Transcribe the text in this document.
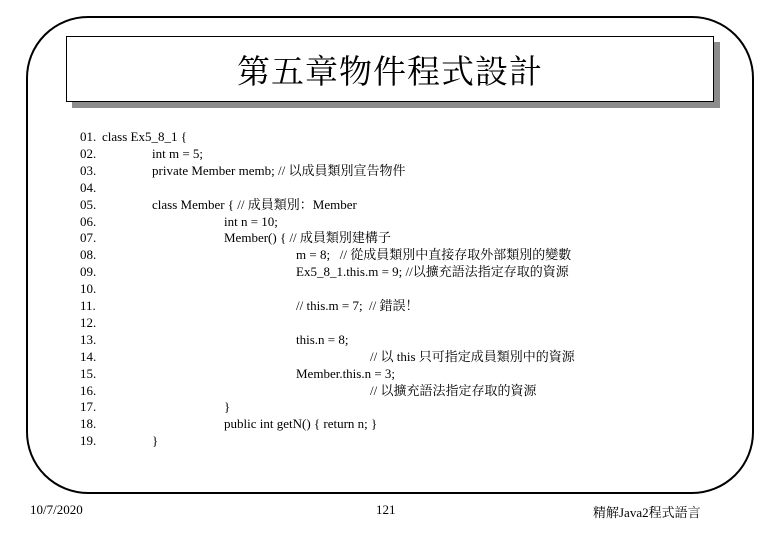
第五章物件程式設計
01. class Ex5_8_1 {
02.	int m = 5;
03.	private Member memb; // 以成員類別宣告物件
04.
05.	class Member { // 成員類別：Member
06.	int n = 10;
07.	Member() { // 成員類別建構子
08.	m = 8;   // 從成員類別中直接存取外部類別的變數
09.	Ex5_8_1.this.m = 9; //以擴充語法指定存取的資源
10.
11.	// this.m = 7;  // 錯誤！
12.
13.	this.n = 8;
14.	// 以 this 只可指定成員類別中的資源
15.	Member.this.n = 3;
16.	// 以擴充語法指定存取的資源
17.	}
18.	public int getN() { return n; }
19.	}
10/7/2020	121	精解Java2程式語言
